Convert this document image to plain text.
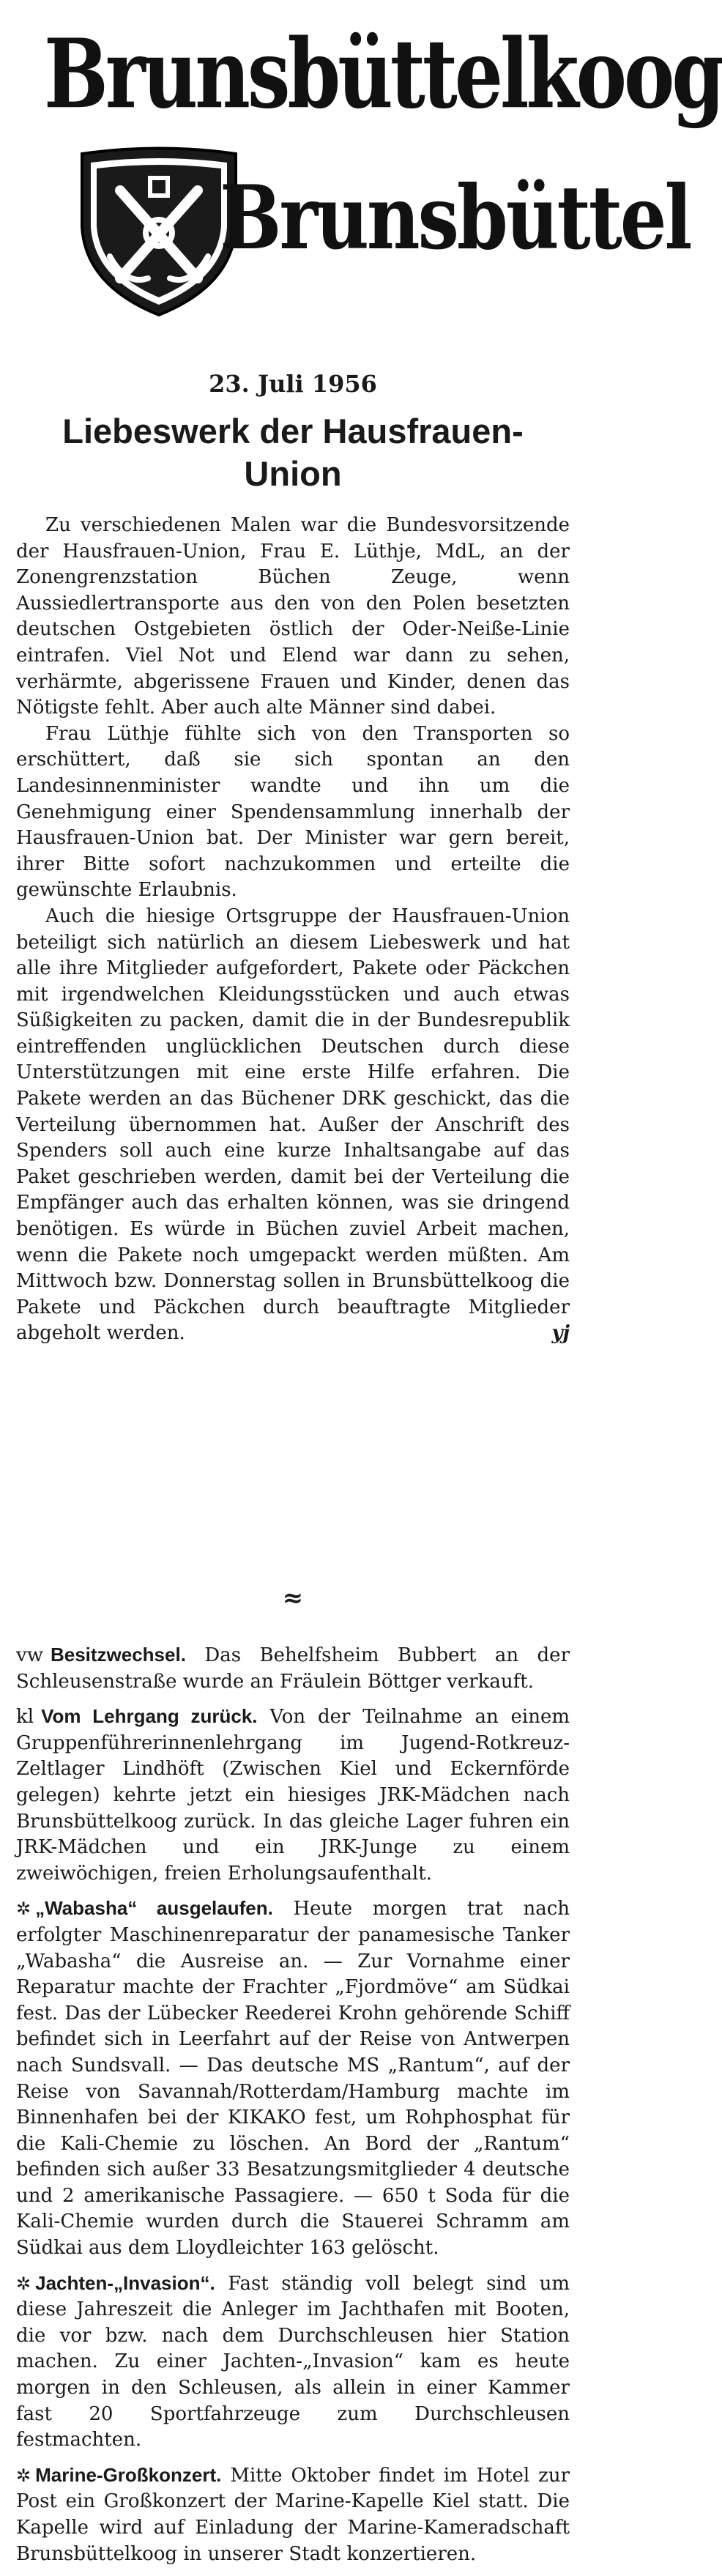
Brunsbüttelkoog
Brunsbüttel
23. Juli 1956
Liebeswerk der Hausfrauen-Union

Zu verschiedenen Malen war die Bundesvorsitzende der Hausfrauen-Union, Frau E. Lüthje, MdL, an der Zonengrenzstation Büchen Zeuge, wenn Aussiedlertransporte aus den von den Polen besetzten deutschen Ostgebieten östlich der Oder-Neiße-Linie eintrafen. Viel Not und Elend war dann zu sehen, verhärmte, abgerissene Frauen und Kinder, denen das Nötigste fehlt. Aber auch alte Männer sind dabei.

Frau Lüthje fühlte sich von den Transporten so erschüttert, daß sie sich spontan an den Landesinnenminister wandte und ihn um die Genehmigung einer Spendensammlung innerhalb der Hausfrauen-Union bat. Der Minister war gern bereit, ihrer Bitte sofort nachzukommen und erteilte die gewünschte Erlaubnis.

Auch die hiesige Ortsgruppe der Hausfrauen-Union beteiligt sich natürlich an diesem Liebeswerk und hat alle ihre Mitglieder aufgefordert, Pakete oder Päckchen mit irgendwelchen Kleidungsstücken und auch etwas Süßigkeiten zu packen, damit die in der Bundesrepublik eintreffenden unglücklichen Deutschen durch diese Unterstützungen mit eine erste Hilfe erfahren. Die Pakete werden an das Büchener DRK geschickt, das die Verteilung übernommen hat. Außer der Anschrift des Spenders soll auch eine kurze Inhaltsangabe auf das Paket geschrieben werden, damit bei der Verteilung die Empfänger auch das erhalten können, was sie dringend benötigen. Es würde in Büchen zuviel Arbeit machen, wenn die Pakete noch umgepackt werden müßten. Am Mittwoch bzw. Donnerstag sollen in Brunsbüttelkoog die Pakete und Päckchen durch beauftragte Mitglieder abgeholt werden.	yj

≈

vw Besitzwechsel. Das Behelfsheim Bubbert an der Schleusenstraße wurde an Fräulein Böttger verkauft.

kl Vom Lehrgang zurück. Von der Teilnahme an einem Gruppenführerinnenlehrgang im Jugend-Rotkreuz-Zeltlager Lindhöft (Zwischen Kiel und Eckernförde gelegen) kehrte jetzt ein hiesiges JRK-Mädchen nach Brunsbüttelkoog zurück. In das gleiche Lager fuhren ein JRK-Mädchen und ein JRK-Junge zu einem zweiwöchigen, freien Erholungsaufenthalt.

✲ „Wabasha“ ausgelaufen. Heute morgen trat nach erfolgter Maschinenreparatur der panamesische Tanker „Wabasha“ die Ausreise an. — Zur Vornahme einer Reparatur machte der Frachter „Fjordmöve“ am Südkai fest. Das der Lübecker Reederei Krohn gehörende Schiff befindet sich in Leerfahrt auf der Reise von Antwerpen nach Sundsvall. — Das deutsche MS „Rantum“, auf der Reise von Savannah/Rotterdam/Hamburg machte im Binnenhafen bei der KIKAKO fest, um Rohphosphat für die Kali-Chemie zu löschen. An Bord der „Rantum“ befinden sich außer 33 Besatzungsmitglieder 4 deutsche und 2 amerikanische Passagiere. — 650 t Soda für die Kali-Chemie wurden durch die Stauerei Schramm am Südkai aus dem Lloydleichter 163 gelöscht.

✲ Jachten-„Invasion“. Fast ständig voll belegt sind um diese Jahreszeit die Anleger im Jachthafen mit Booten, die vor bzw. nach dem Durchschleusen hier Station machen. Zu einer Jachten-„Invasion“ kam es heute morgen in den Schleusen, als allein in einer Kammer fast 20 Sportfahrzeuge zum Durchschleusen festmachten.

✲ Marine-Großkonzert. Mitte Oktober findet im Hotel zur Post ein Großkonzert der Marine-Kapelle Kiel statt. Die Kapelle wird auf Einladung der Marine-Kameradschaft Brunsbüttelkoog in unserer Stadt konzertieren.
